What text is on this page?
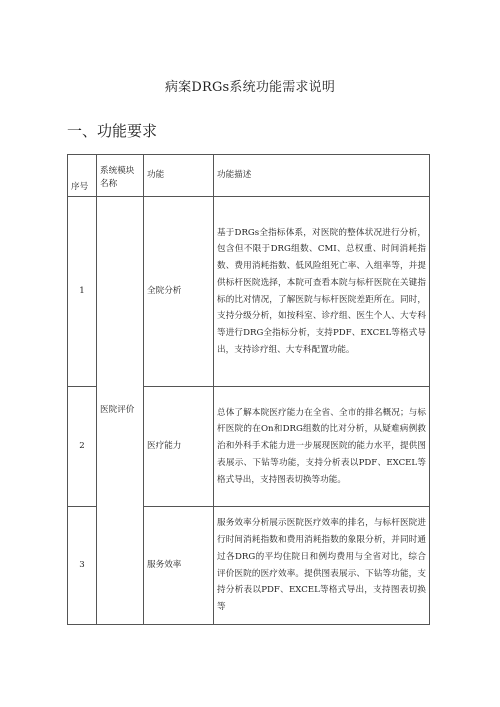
病案DRGs系统功能需求说明
一、功能要求
序号	系统模块名称	功能	功能描述
1	医院评价	全院分析	基于DRGs全指标体系，对医院的整体状况进行分析，包含但不限于DRG组数、CMI、总权重、时间消耗指数、费用消耗指数、低风险组死亡率、入组率等，并提供标杆医院选择，本院可查看本院与标杆医院在关键指标的比对情况，了解医院与标杆医院差距所在。同时，支持分级分析，如按科室、诊疗组、医生个人、大专科等进行DRG全指标分析，支持PDF、EXCEL等格式导出，支持诊疗组、大专科配置功能。
2		医疗能力	总体了解本院医疗能力在全省、全市的排名概况；与标杆医院的在On和DRG组数的比对分析，从疑难病例救治和外科手术能力进一步展现医院的能力水平，提供图表展示、下钻等功能，支持分析表以PDF、EXCEL等格式导出，支持图表切换等功能。
3		服务效率	服务效率分析展示医院医疗效率的排名，与标杆医院进行时间消耗指数和费用消耗指数的象限分析，并同时通过各DRG的平均住院日和例均费用与全省对比，综合评价医院的医疗效率。提供图表展示、下钻等功能，支持分析表以PDF、EXCEL等格式导出，支持图表切换等
